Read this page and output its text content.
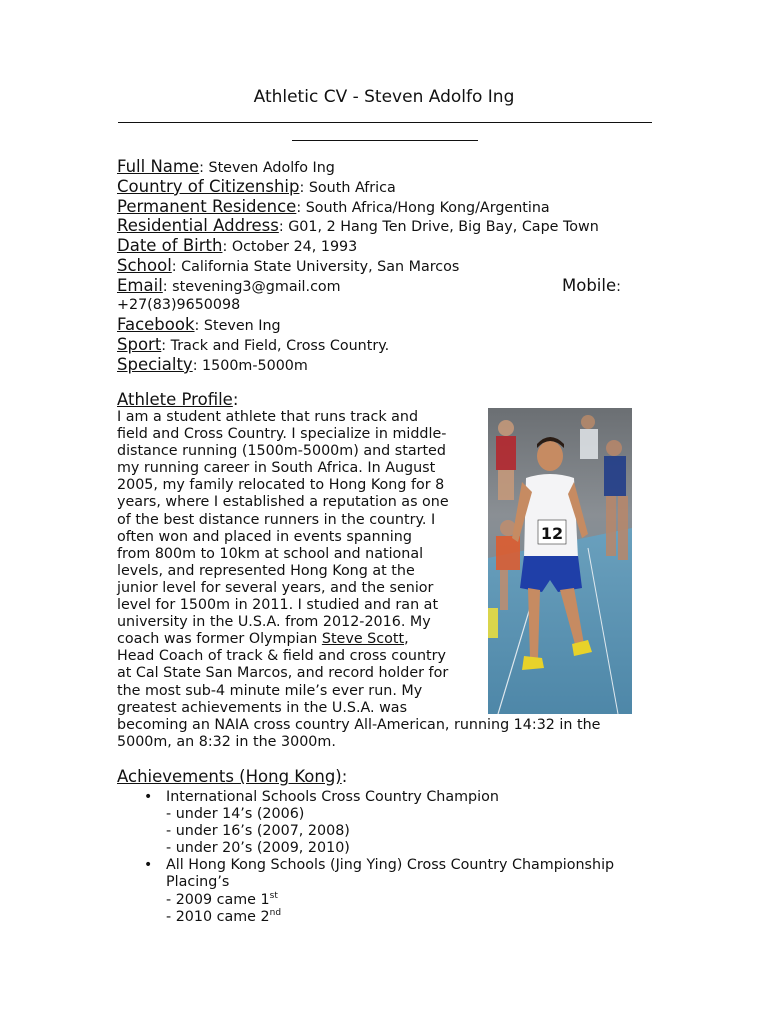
Athletic CV - Steven Adolfo Ing
Full Name: Steven Adolfo Ing
Country of Citizenship: South Africa
Permanent Residence: South Africa/Hong Kong/Argentina
Residential Address: G01, 2 Hang Ten Drive, Big Bay, Cape Town
Date of Birth: October 24, 1993
School: California State University, San Marcos
Email: stevening3@gmail.com	Mobile:
+27(83)9650098
Facebook: Steven Ing
Sport: Track and Field, Cross Country.
Specialty: 1500m-5000m
Athlete Profile:
I am a student athlete that runs track and
field and Cross Country. I specialize in middle-
distance running (1500m-5000m) and started
my running career in South Africa. In August
2005, my family relocated to Hong Kong for 8
years, where I established a reputation as one
of the best distance runners in the country. I
often won and placed in events spanning
from 800m to 10km at school and national
levels, and represented Hong Kong at the
junior level for several years, and the senior
level for 1500m in 2011. I studied and ran at
university in the U.S.A. from 2012-2016. My
coach was former Olympian Steve Scott,
Head Coach of track & field and cross country
at Cal State San Marcos, and record holder for
the most sub-4 minute mile’s ever run. My
greatest achievements in the U.S.A. was
becoming an NAIA cross country All-American, running 14:32 in the
5000m, an 8:32 in the 3000m.
12
Achievements (Hong Kong):
• International Schools Cross Country Champion
- under 14’s (2006)
- under 16’s (2007, 2008)
- under 20’s (2009, 2010)
• All Hong Kong Schools (Jing Ying) Cross Country Championship
Placing’s
- 2009 came 1st
- 2010 came 2nd
